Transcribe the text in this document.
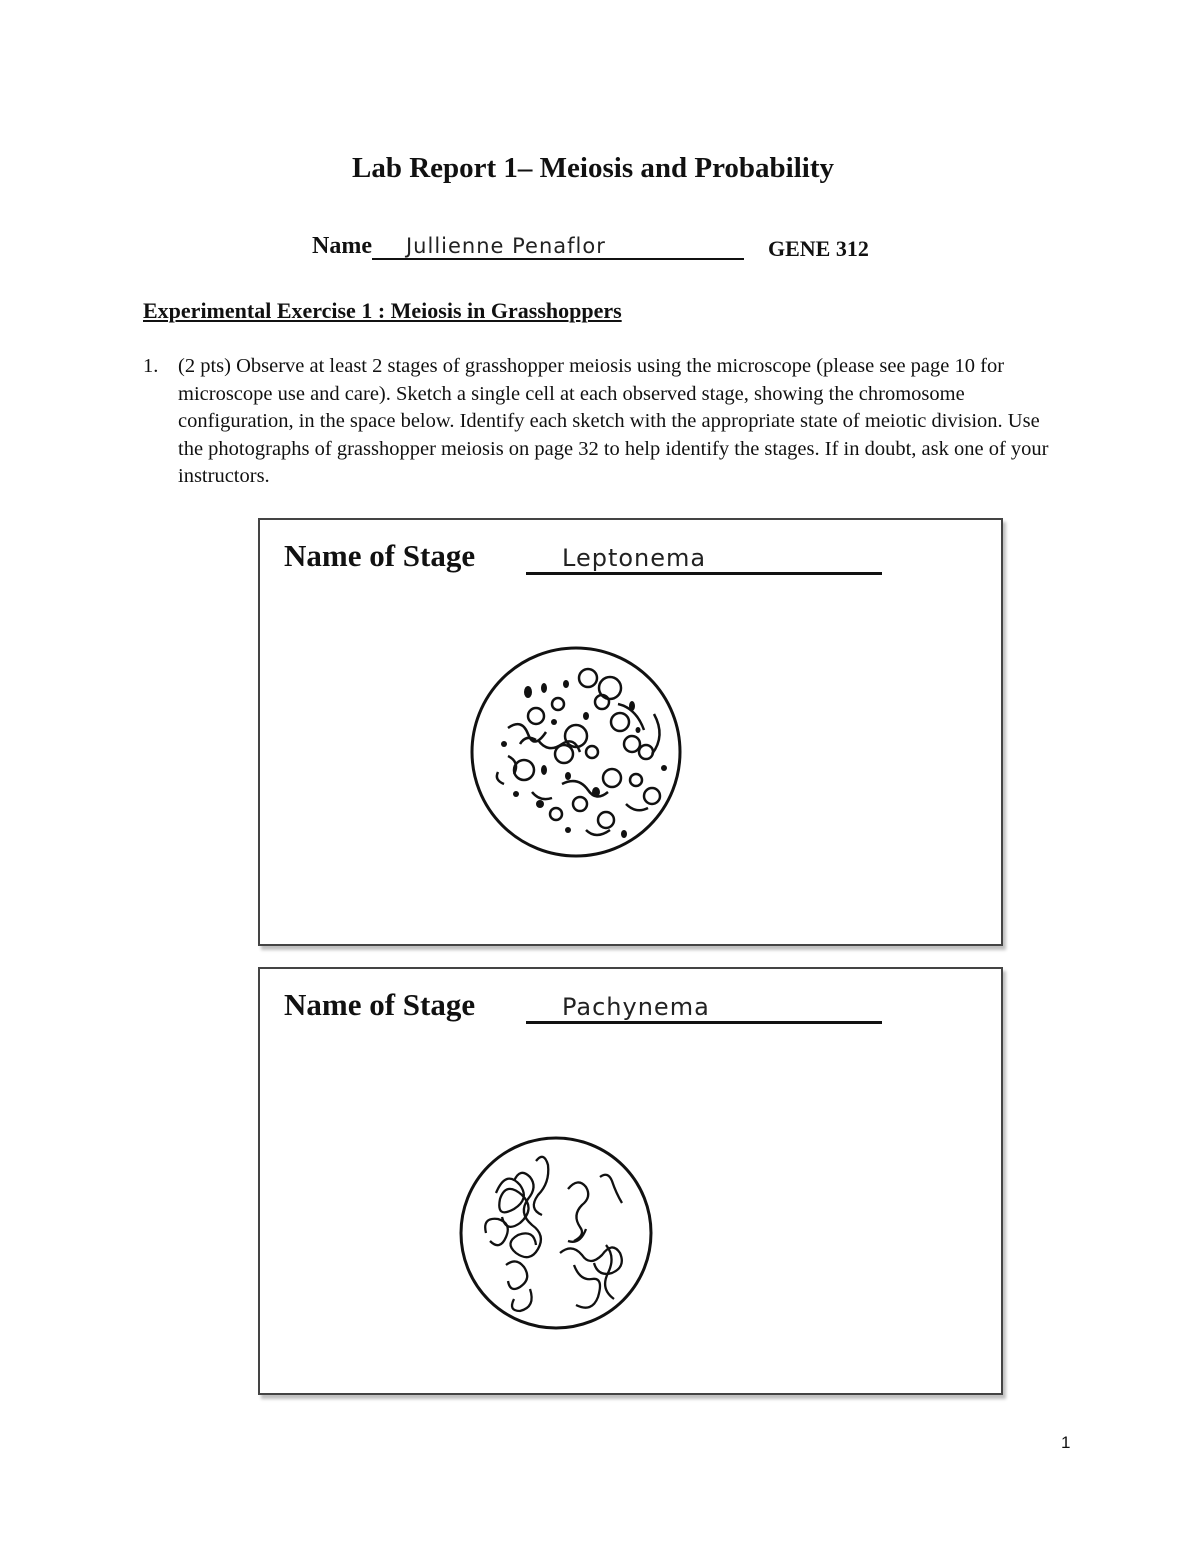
Lab Report 1– Meiosis and Probability
Name Jullienne Penaflor	GENE 312
Experimental Exercise 1 : Meiosis in Grasshoppers
1. (2 pts) Observe at least 2 stages of grasshopper meiosis using the microscope (please see page 10 for microscope use and care). Sketch a single cell at each observed stage, showing the chromosome configuration, in the space below. Identify each sketch with the appropriate state of meiotic division. Use the photographs of grasshopper meiosis on page 32 to help identify the stages. If in doubt, ask one of your instructors.
Name of Stage	Leptonema
Name of Stage	Pachynema
1
